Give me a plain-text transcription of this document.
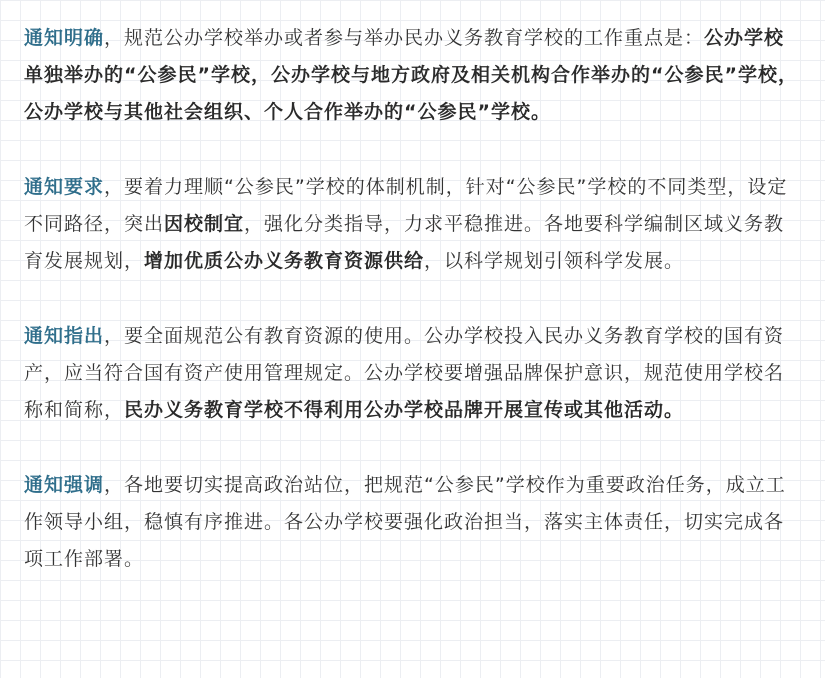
通知明确，规范公办学校举办或者参与举办民办义务教育学校的工作重点是：公办学校单独举办的“公参民”学校，公办学校与地方政府及相关机构合作举办的“公参民”学校，公办学校与其他社会组织、个人合作举办的“公参民”学校。

通知要求，要着力理顺“公参民”学校的体制机制，针对“公参民”学校的不同类型，设定不同路径，突出因校制宜，强化分类指导，力求平稳推进。各地要科学编制区域义务教育发展规划，增加优质公办义务教育资源供给，以科学规划引领科学发展。

通知指出，要全面规范公有教育资源的使用。公办学校投入民办义务教育学校的国有资产，应当符合国有资产使用管理规定。公办学校要增强品牌保护意识，规范使用学校名称和简称，民办义务教育学校不得利用公办学校品牌开展宣传或其他活动。

通知强调，各地要切实提高政治站位，把规范“公参民”学校作为重要政治任务，成立工作领导小组，稳慎有序推进。各公办学校要强化政治担当，落实主体责任，切实完成各项工作部署。
